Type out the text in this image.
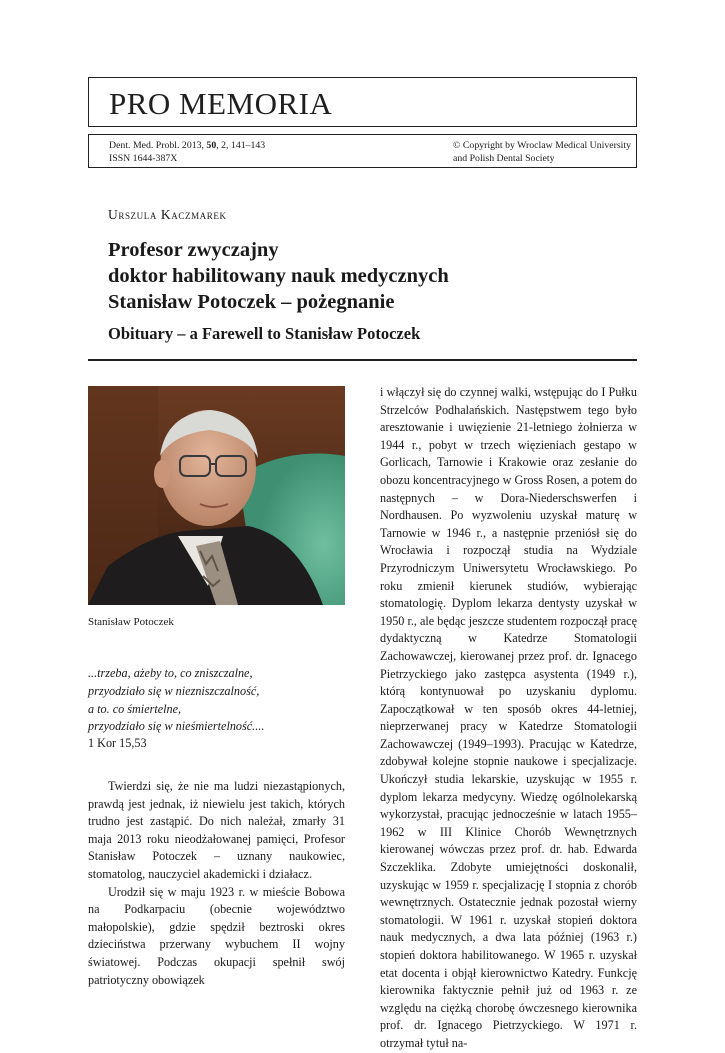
PRO MEMORIA
Dent. Med. Probl. 2013, 50, 2, 141–143
ISSN 1644-387X
© Copyright by Wroclaw Medical University
and Polish Dental Society
Urszula Kaczmarek
Profesor zwyczajny
doktor habilitowany nauk medycznych
Stanisław Potoczek – pożegnanie
Obituary – a Farewell to Stanisław Potoczek
Stanisław Potoczek
...trzeba, ażeby to, co zniszczalne,
przyodziało się w niezniszczalność,
a to. co śmiertelne,
przyodziało się w nieśmiertelność....
1 Kor 15,53

Twierdzi się, że nie ma ludzi niezastąpionych, prawdą jest jednak, iż niewielu jest takich, których trudno jest zastąpić. Do nich należał, zmarły 31 maja 2013 roku nieodżałowanej pamięci, Profesor Stanisław Potoczek – uznany naukowiec, stomatolog, nauczyciel akademicki i działacz.

Urodził się w maju 1923 r. w mieście Bobowa na Podkarpaciu (obecnie województwo małopolskie), gdzie spędził beztroski okres dzieciństwa przerwany wybuchem II wojny światowej. Podczas okupacji spełnił swój patriotyczny obowiązek

i włączył się do czynnej walki, wstępując do I Pułku Strzelców Podhalańskich. Następstwem tego było aresztowanie i uwięzienie 21-letniego żołnierza w 1944 r., pobyt w trzech więzieniach gestapo w Gorlicach, Tarnowie i Krakowie oraz zesłanie do obozu koncentracyjnego w Gross Rosen, a potem do następnych – w Dora-Niederschswerfen i Nordhausen. Po wyzwoleniu uzyskał maturę w Tarnowie w 1946 r., a następnie przeniósł się do Wrocławia i rozpoczął studia na Wydziale Przyrodniczym Uniwersytetu Wrocławskiego. Po roku zmienił kierunek studiów, wybierając stomatologię. Dyplom lekarza dentysty uzyskał w 1950 r., ale będąc jeszcze studentem rozpoczął pracę dydaktyczną w Katedrze Stomatologii Zachowawczej, kierowanej przez prof. dr. Ignacego Pietrzyckiego jako zastępca asystenta (1949 r.), którą kontynuował po uzyskaniu dyplomu. Zapoczątkował w ten sposób okres 44-letniej, nieprzerwanej pracy w Katedrze Stomatologii Zachowawczej (1949–1993). Pracując w Katedrze, zdobywał kolejne stopnie naukowe i specjalizacje. Ukończył studia lekarskie, uzyskując w 1955 r. dyplom lekarza medycyny. Wiedzę ogólnolekarską wykorzystał, pracując jednocześnie w latach 1955–1962 w III Klinice Chorób Wewnętrznych kierowanej wówczas przez prof. dr. hab. Edwarda Szczeklika. Zdobyte umiejętności doskonalił, uzyskując w 1959 r. specjalizację I stopnia z chorób wewnętrznych. Ostatecznie jednak pozostał wierny stomatologii. W 1961 r. uzyskał stopień doktora nauk medycznych, a dwa lata później (1963 r.) stopień doktora habilitowanego. W 1965 r. uzyskał etat docenta i objął kierownictwo Katedry. Funkcję kierownika faktycznie pełnił już od 1963 r. ze względu na ciężką chorobę ówczesnego kierownika prof. dr. Ignacego Pietrzyckiego. W 1971 r. otrzymał tytuł na-
